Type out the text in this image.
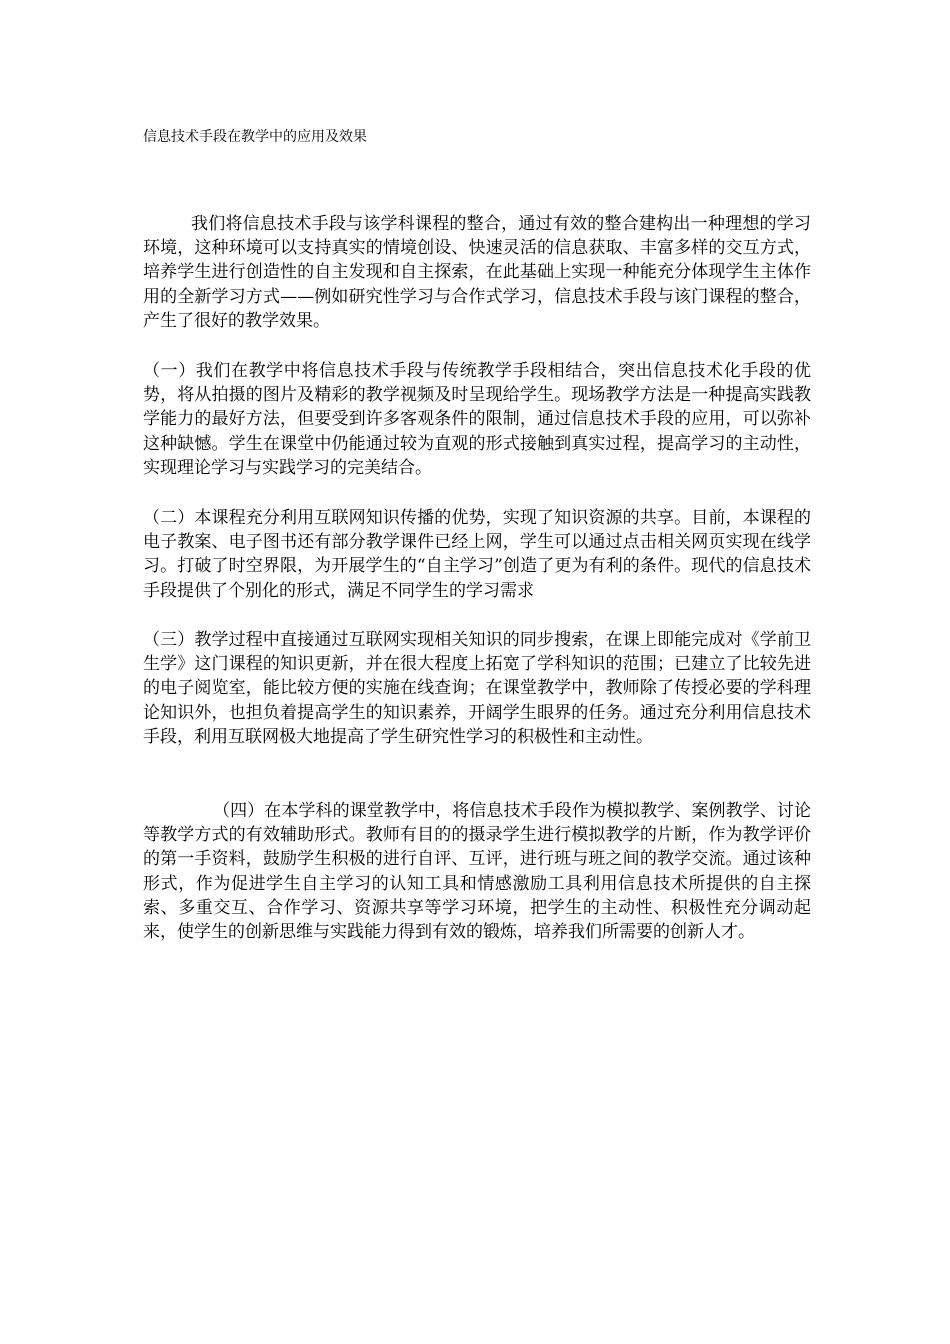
信息技术手段在教学中的应用及效果

我们将信息技术手段与该学科课程的整合，通过有效的整合建构出一种理想的学习环境，这种环境可以支持真实的情境创设、快速灵活的信息获取、丰富多样的交互方式，培养学生进行创造性的自主发现和自主探索，在此基础上实现一种能充分体现学生主体作用的全新学习方式——例如研究性学习与合作式学习，信息技术手段与该门课程的整合，产生了很好的教学效果。

（一）我们在教学中将信息技术手段与传统教学手段相结合，突出信息技术化手段的优势，将从拍摄的图片及精彩的教学视频及时呈现给学生。现场教学方法是一种提高实践教学能力的最好方法，但要受到许多客观条件的限制，通过信息技术手段的应用，可以弥补这种缺憾。学生在课堂中仍能通过较为直观的形式接触到真实过程，提高学习的主动性，实现理论学习与实践学习的完美结合。

（二）本课程充分利用互联网知识传播的优势，实现了知识资源的共享。目前，本课程的电子教案、电子图书还有部分教学课件已经上网，学生可以通过点击相关网页实现在线学习。打破了时空界限，为开展学生的“自主学习”创造了更为有利的条件。现代的信息技术手段提供了个别化的形式，满足不同学生的学习需求

（三）教学过程中直接通过互联网实现相关知识的同步搜索，在课上即能完成对《学前卫生学》这门课程的知识更新，并在很大程度上拓宽了学科知识的范围；已建立了比较先进的电子阅览室，能比较方便的实施在线查询；在课堂教学中，教师除了传授必要的学科理论知识外，也担负着提高学生的知识素养，开阔学生眼界的任务。通过充分利用信息技术手段，利用互联网极大地提高了学生研究性学习的积极性和主动性。

（四）在本学科的课堂教学中，将信息技术手段作为模拟教学、案例教学、讨论等教学方式的有效辅助形式。教师有目的的摄录学生进行模拟教学的片断，作为教学评价的第一手资料，鼓励学生积极的进行自评、互评，进行班与班之间的教学交流。通过该种形式，作为促进学生自主学习的认知工具和情感激励工具利用信息技术所提供的自主探索、多重交互、合作学习、资源共享等学习环境，把学生的主动性、积极性充分调动起来，使学生的创新思维与实践能力得到有效的锻炼，培养我们所需要的创新人才。
